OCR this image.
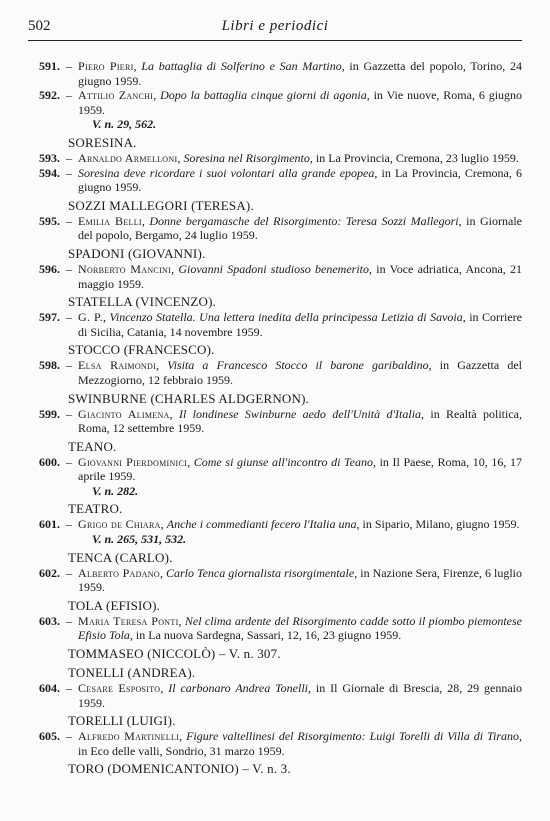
502	Libri e periodici
591. – Piero Pieri, La battaglia di Solferino e San Martino, in Gazzetta del popolo, Torino, 24 giugno 1959.
592. – Attilio Zanchi, Dopo la battaglia cinque giorni di agonia, in Vie nuove, Roma, 6 giugno 1959.
V. n. 29, 562.
SORESINA.
593. – Arnaldo Armelloni, Soresina nel Risorgimento, in La Provincia, Cremona, 23 luglio 1959.
594. – Soresina deve ricordare i suoi volontari alla grande epopea, in La Provincia, Cremona, 6 giugno 1959.
SOZZI MALLEGORI (TERESA).
595. – Emilia Belli, Donne bergamasche del Risorgimento: Teresa Sozzi Mallegori, in Giornale del popolo, Bergamo, 24 luglio 1959.
SPADONI (GIOVANNI).
596. – Norberto Mancini, Giovanni Spadoni studioso benemerito, in Voce adriatica, Ancona, 21 maggio 1959.
STATELLA (VINCENZO).
597. – G. P., Vincenzo Statella. Una lettera inedita della principessa Letizia di Savoia, in Corriere di Sicilia, Catania, 14 novembre 1959.
STOCCO (FRANCESCO).
598. – Elsa Raimondi, Visita a Francesco Stocco il barone garibaldino, in Gazzetta del Mezzogiorno, 12 febbraio 1959.
SWINBURNE (CHARLES ALDGERNON).
599. – Giacinto Alimena, Il londinese Swinburne aedo dell'Unità d'Italia, in Realtà politica, Roma, 12 settembre 1959.
TEANO.
600. – Giovanni Pierdominici, Come si giunse all'incontro di Teano, in Il Paese, Roma, 10, 16, 17 aprile 1959.
V. n. 282.
TEATRO.
601. – Grigo de Chiara, Anche i commedianti fecero l'Italia una, in Sipario, Milano, giugno 1959.
V. n. 265, 531, 532.
TENCA (CARLO).
602. – Alberto Padano, Carlo Tenca giornalista risorgimentale, in Nazione Sera, Firenze, 6 luglio 1959.
TOLA (EFISIO).
603. – Maria Teresa Ponti, Nel clima ardente del Risorgimento cadde sotto il piombo piemontese Efisio Tola, in La nuova Sardegna, Sassari, 12, 16, 23 giugno 1959.
TOMMASEO (NICCOLÒ) – V. n. 307.
TONELLI (ANDREA).
604. – Cesare Esposito, Il carbonaro Andrea Tonelli, in Il Giornale di Brescia, 28, 29 gennaio 1959.
TORELLI (LUIGI).
605. – Alfredo Martinelli, Figure valtellinesi del Risorgimento: Luigi Torelli di Villa di Tirano, in Eco delle valli, Sondrio, 31 marzo 1959.
TORO (DOMENICANTONIO) – V. n. 3.
